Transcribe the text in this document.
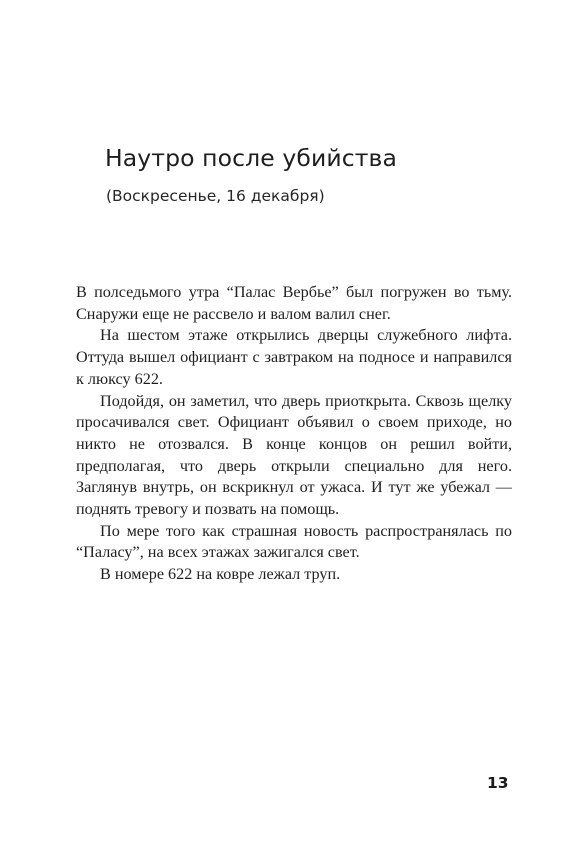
Наутро после убийства
(Воскресенье, 16 декабря)

В полседьмого утра “Палас Вербье” был погружен во тьму. Снаружи еще не рассвело и валом валил снег.

На шестом этаже открылись дверцы служебного лифта. Оттуда вышел официант с завтраком на подносе и направился к люксу 622.

Подойдя, он заметил, что дверь приоткрыта. Сквозь щелку просачивался свет. Официант объявил о своем приходе, но никто не отозвался. В конце концов он решил войти, предполагая, что дверь открыли специально для него. Заглянув внутрь, он вскрикнул от ужаса. И тут же убежал — поднять тревогу и позвать на помощь.

По мере того как страшная новость распространялась по “Паласу”, на всех этажах зажигался свет.

В номере 622 на ковре лежал труп.

13
